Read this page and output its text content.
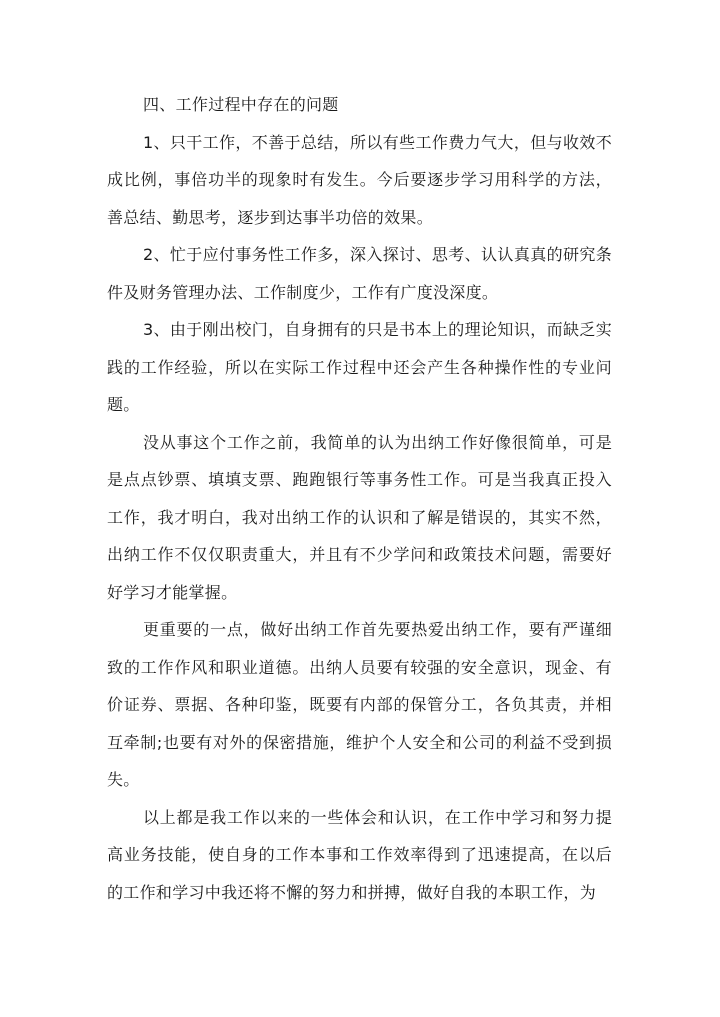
四、工作过程中存在的问题

1、只干工作，不善于总结，所以有些工作费力气大，但与收效不成比例，事倍功半的现象时有发生。今后要逐步学习用科学的方法，善总结、勤思考，逐步到达事半功倍的效果。

2、忙于应付事务性工作多，深入探讨、思考、认认真真的研究条件及财务管理办法、工作制度少，工作有广度没深度。

3、由于刚出校门，自身拥有的只是书本上的理论知识，而缺乏实践的工作经验，所以在实际工作过程中还会产生各种操作性的专业问题。

没从事这个工作之前，我简单的认为出纳工作好像很简单，可是是点点钞票、填填支票、跑跑银行等事务性工作。可是当我真正投入工作，我才明白，我对出纳工作的认识和了解是错误的，其实不然，出纳工作不仅仅职责重大，并且有不少学问和政策技术问题，需要好好学习才能掌握。

更重要的一点，做好出纳工作首先要热爱出纳工作，要有严谨细致的工作作风和职业道德。出纳人员要有较强的安全意识，现金、有价证券、票据、各种印鉴，既要有内部的保管分工，各负其责，并相互牵制;也要有对外的保密措施，维护个人安全和公司的利益不受到损失。

以上都是我工作以来的一些体会和认识，在工作中学习和努力提高业务技能，使自身的工作本事和工作效率得到了迅速提高，在以后的工作和学习中我还将不懈的努力和拼搏，做好自我的本职工作，为
